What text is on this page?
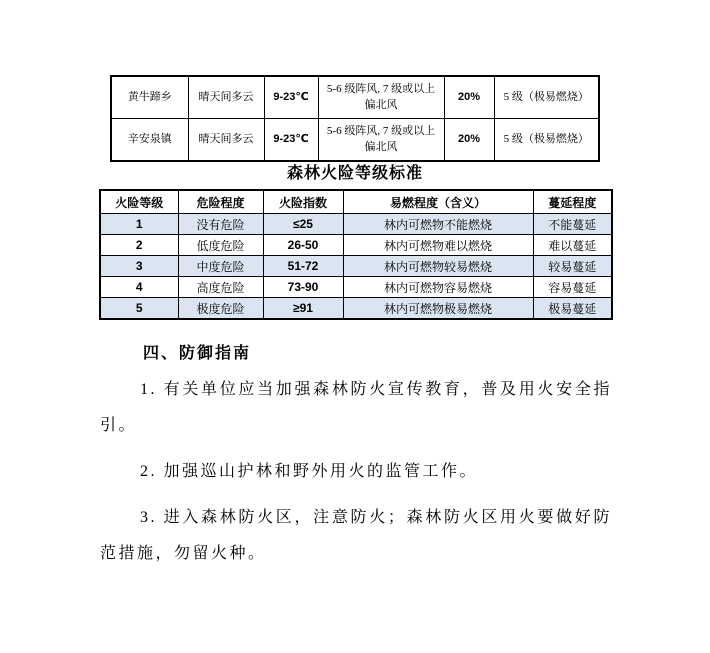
黄牛蹄乡	晴天间多云	9-23℃	5-6 级阵风, 7 级或以上偏北风	20%	5 级（极易燃烧）
辛安泉镇	晴天间多云	9-23℃	5-6 级阵风, 7 级或以上偏北风	20%	5 级（极易燃烧）
森林火险等级标准
火险等级	危险程度	火险指数	易燃程度（含义）	蔓延程度
1	没有危险	≤25	林内可燃物不能燃烧	不能蔓延
2	低度危险	26-50	林内可燃物难以燃烧	难以蔓延
3	中度危险	51-72	林内可燃物较易燃烧	较易蔓延
4	高度危险	73-90	林内可燃物容易燃烧	容易蔓延
5	极度危险	≥91	林内可燃物极易燃烧	极易蔓延
四、防御指南

1. 有关单位应当加强森林防火宣传教育，普及用火安全指引。

2. 加强巡山护林和野外用火的监管工作。

3. 进入森林防火区，注意防火；森林防火区用火要做好防范措施，勿留火种。
